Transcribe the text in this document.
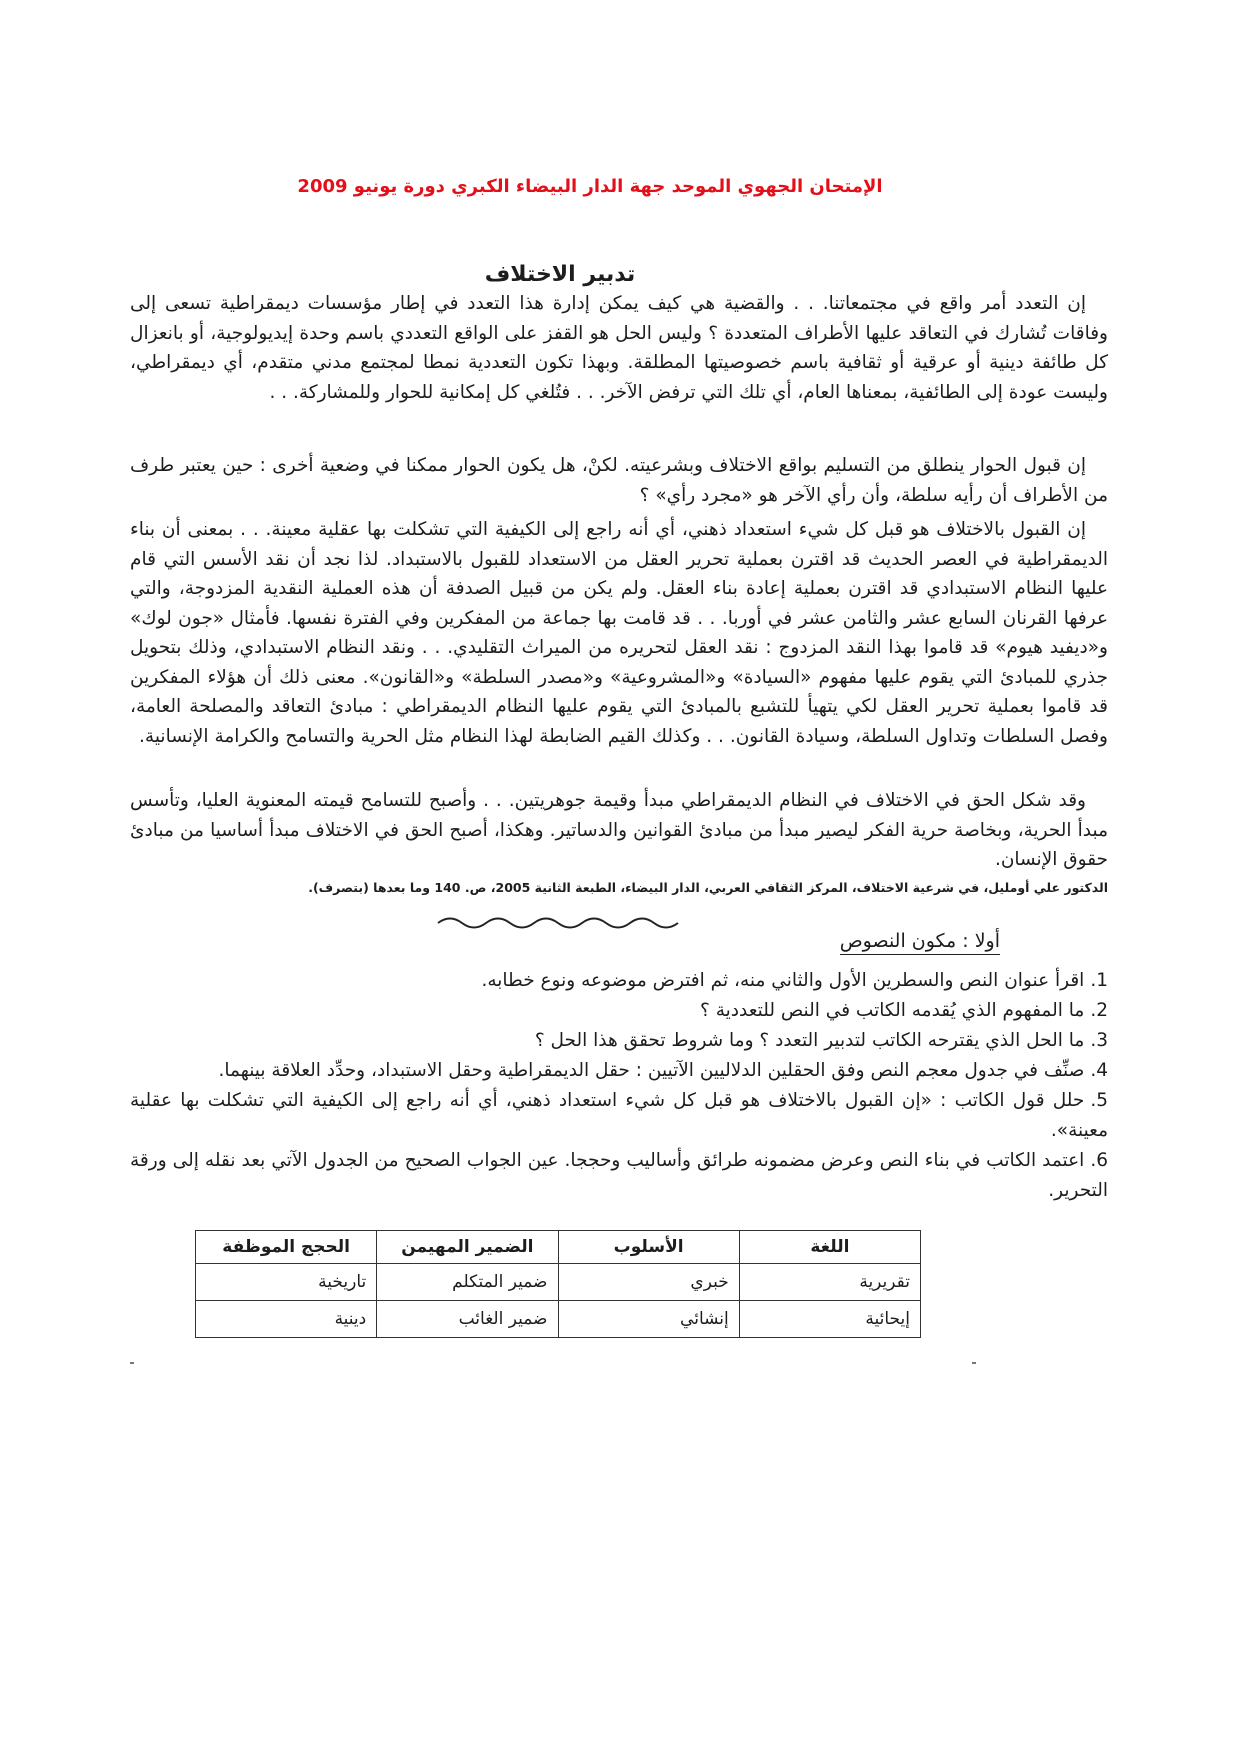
الإمتحان الجهوي الموحد جهة الدار البيضاء الكبري دورة يونيو 2009
تدبير الاختلاف

إن التعدد أمر واقع في مجتمعاتنا. . . والقضية هي كيف يمكن إدارة هذا التعدد في إطار مؤسسات ديمقراطية تسعى إلى وفاقات تُشارك في التعاقد عليها الأطراف المتعددة ؟ وليس الحل هو القفز على الواقع التعددي باسم وحدة إيديولوجية، أو بانعزال كل طائفة دينية أو عرقية أو ثقافية باسم خصوصيتها المطلقة. وبهذا تكون التعددية نمطا لمجتمع مدني متقدم، أي ديمقراطي، وليست عودة إلى الطائفية، بمعناها العام، أي تلك التي ترفض الآخر. . . فتُلغي كل إمكانية للحوار وللمشاركة. . .

إن قبول الحوار ينطلق من التسليم بواقع الاختلاف وبشرعيته. لكنْ، هل يكون الحوار ممكنا في وضعية أخرى : حين يعتبر طرف من الأطراف أن رأيه سلطة، وأن رأي الآخر هو «مجرد رأي» ؟

إن القبول بالاختلاف هو قبل كل شيء استعداد ذهني، أي أنه راجع إلى الكيفية التي تشكلت بها عقلية معينة. . . بمعنى أن بناء الديمقراطية في العصر الحديث قد اقترن بعملية تحرير العقل من الاستعداد للقبول بالاستبداد. لذا نجد أن نقد الأسس التي قام عليها النظام الاستبدادي قد اقترن بعملية إعادة بناء العقل. ولم يكن من قبيل الصدفة أن هذه العملية النقدية المزدوجة، والتي عرفها القرنان السابع عشر والثامن عشر في أوربا. . . قد قامت بها جماعة من المفكرين وفي الفترة نفسها. فأمثال «جون لوك» و«ديفيد هيوم» قد قاموا بهذا النقد المزدوج : نقد العقل لتحريره من الميراث التقليدي. . . ونقد النظام الاستبدادي، وذلك بتحويل جذري للمبادئ التي يقوم عليها مفهوم «السيادة» و«المشروعية» و«مصدر السلطة» و«القانون». معنى ذلك أن هؤلاء المفكرين قد قاموا بعملية تحرير العقل لكي يتهيأ للتشبع بالمبادئ التي يقوم عليها النظام الديمقراطي : مبادئ التعاقد والمصلحة العامة، وفصل السلطات وتداول السلطة، وسيادة القانون. . . وكذلك القيم الضابطة لهذا النظام مثل الحرية والتسامح والكرامة الإنسانية.

وقد شكل الحق في الاختلاف في النظام الديمقراطي مبدأ وقيمة جوهريتين. . . وأصبح للتسامح قيمته المعنوية العليا، وتأسس مبدأ الحرية، وبخاصة حرية الفكر ليصير مبدأ من مبادئ القوانين والدساتير. وهكذا، أصبح الحق في الاختلاف مبدأ أساسيا من مبادئ حقوق الإنسان.

الدكتور علي أومليل، في شرعية الاختلاف، المركز الثقافي العربي، الدار البيضاء، الطبعة الثانية 2005، ص. 140 وما بعدها (بتصرف).
أولا : مكون النصوص
1.اقرأ عنوان النص والسطرين الأول والثاني منه، ثم افترض موضوعه ونوع خطابه.
2.ما المفهوم الذي يُقدمه الكاتب في النص للتعددية ؟
3.ما الحل الذي يقترحه الكاتب لتدبير التعدد ؟ وما شروط تحقق هذا الحل ؟
4.صنِّف في جدول معجم النص وفق الحقلين الدلاليين الآتيين : حقل الديمقراطية وحقل الاستبداد، وحدِّد العلاقة بينهما.
5.حلل قول الكاتب : «إن القبول بالاختلاف هو قبل كل شيء استعداد ذهني، أي أنه راجع إلى الكيفية التي تشكلت بها عقلية معينة».
6.اعتمد الكاتب في بناء النص وعرض مضمونه طرائق وأساليب وحججا. عين الجواب الصحيح من الجدول الآتي بعد نقله إلى ورقة التحرير.
اللغة	الأسلوب	الضمير المهيمن	الحجج الموظفة
تقريرية	خبري	ضمير المتكلم	تاريخية
إيحائية	إنشائي	ضمير الغائب	دينية
